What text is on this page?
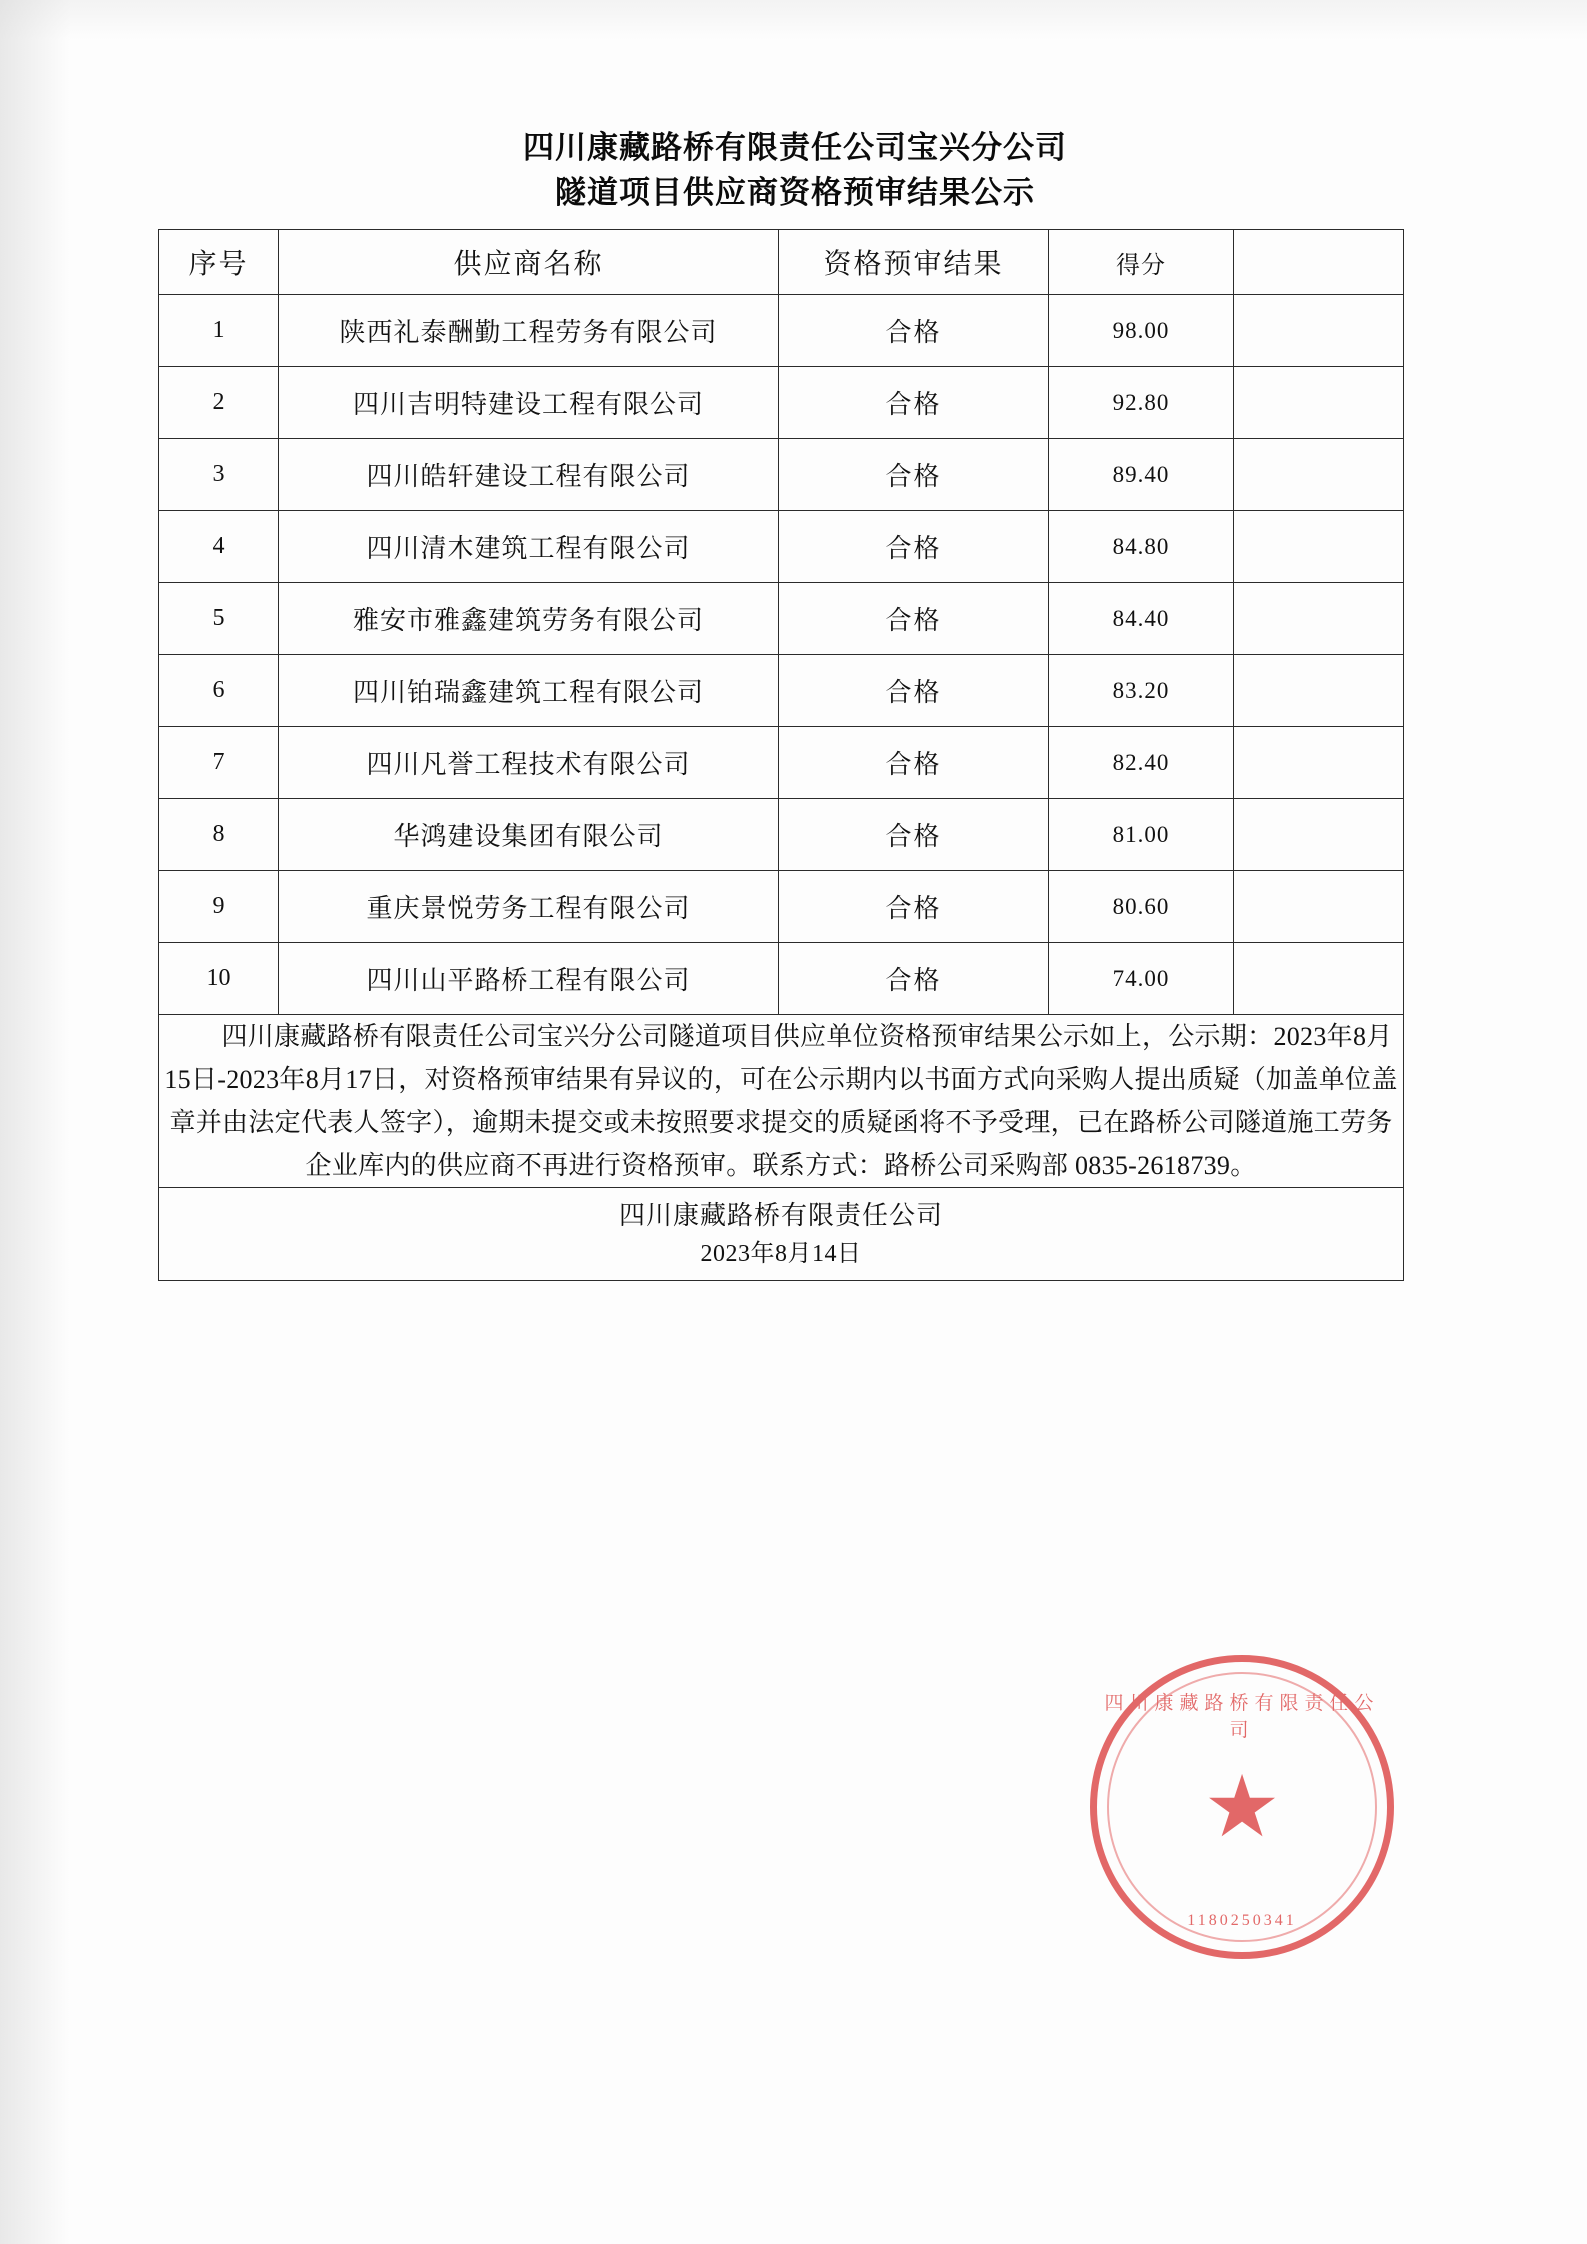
四川康藏路桥有限责任公司宝兴分公司
隧道项目供应商资格预审结果公示
序号	供应商名称	资格预审结果	得分	
1	陕西礼泰酬勤工程劳务有限公司	合格	98.00	
2	四川吉明特建设工程有限公司	合格	92.80	
3	四川皓轩建设工程有限公司	合格	89.40	
4	四川清木建筑工程有限公司	合格	84.80	
5	雅安市雅鑫建筑劳务有限公司	合格	84.40	
6	四川铂瑞鑫建筑工程有限公司	合格	83.20	
7	四川凡誉工程技术有限公司	合格	82.40	
8	华鸿建设集团有限公司	合格	81.00	
9	重庆景悦劳务工程有限公司	合格	80.60	
10	四川山平路桥工程有限公司	合格	74.00	

四川康藏路桥有限责任公司宝兴分公司隧道项目供应单位资格预审结果公示如上，公示期：2023年8月15日-2023年8月17日，对资格预审结果有异议的，可在公示期内以书面方式向采购人提出质疑（加盖单位盖章并由法定代表人签字），逾期未提交或未按照要求提交的质疑函将不予受理，已在路桥公司隧道施工劳务企业库内的供应商不再进行资格预审。联系方式：路桥公司采购部 0835-2618739。				

四川康藏路桥有限责任公司
2023年8月14日				
四川康藏路桥有限责任公司
★
1180250341
